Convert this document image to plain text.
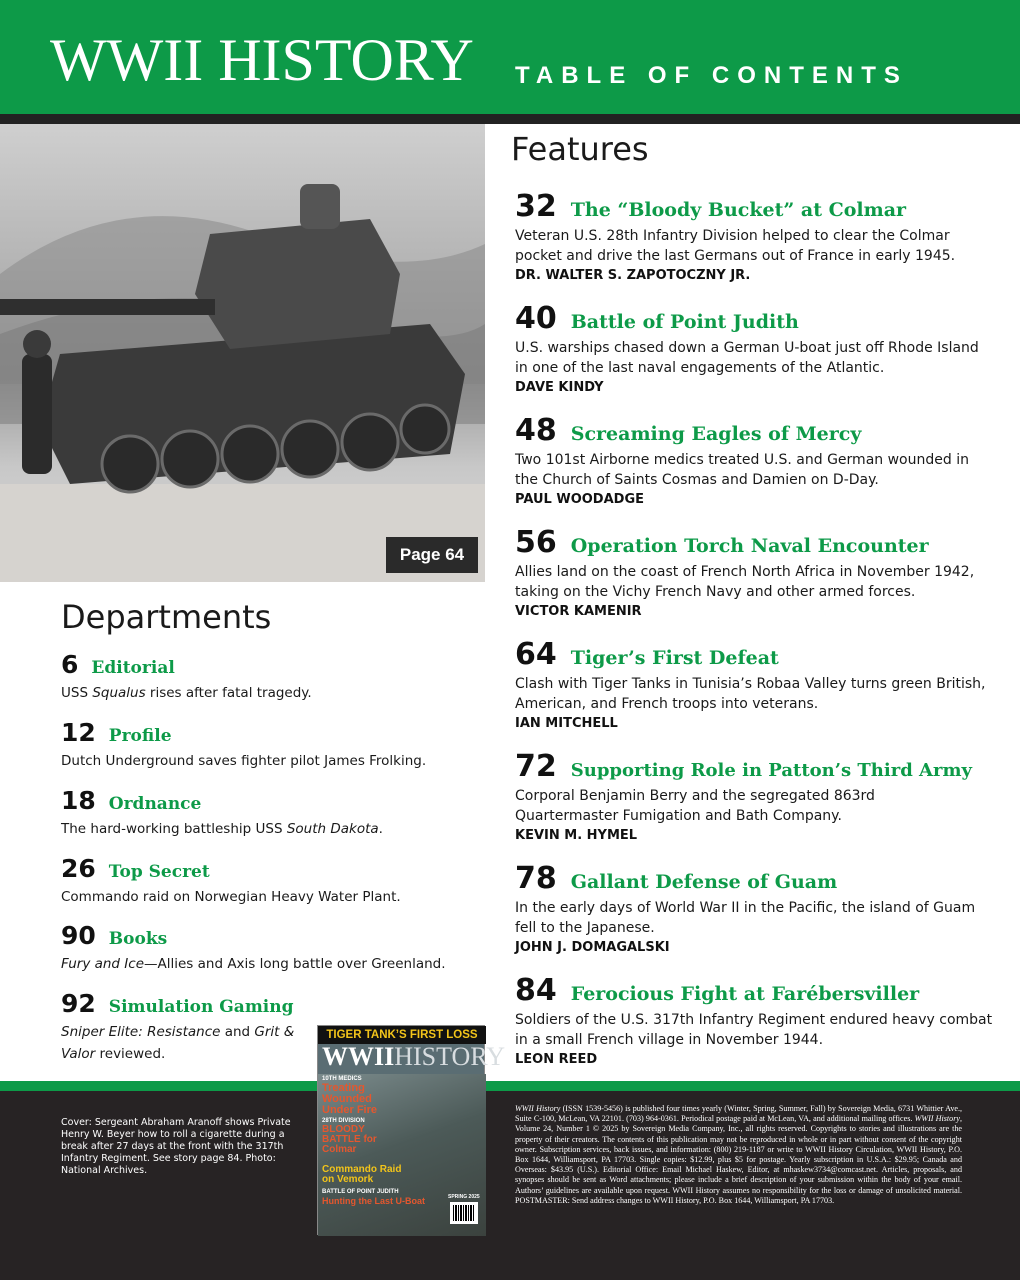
WWII HISTORY TABLE OF CONTENTS
Page 64
Features
32 The “Bloody Bucket” at Colmar
Veteran U.S. 28th Infantry Division helped to clear the Colmar pocket and drive the last Germans out of France in early 1945.
DR. WALTER S. ZAPOTOCZNY JR.
40 Battle of Point Judith
U.S. warships chased down a German U-boat just off Rhode Island in one of the last naval engagements of the Atlantic.
DAVE KINDY
48 Screaming Eagles of Mercy
Two 101st Airborne medics treated U.S. and German wounded in the Church of Saints Cosmas and Damien on D-Day.
PAUL WOODADGE
56 Operation Torch Naval Encounter
Allies land on the coast of French North Africa in November 1942, taking on the Vichy French Navy and other armed forces.
VICTOR KAMENIR
64 Tiger’s First Defeat
Clash with Tiger Tanks in Tunisia’s Robaa Valley turns green British, American, and French troops into veterans.
IAN MITCHELL
72 Supporting Role in Patton’s Third Army
Corporal Benjamin Berry and the segregated 863rd Quartermaster Fumigation and Bath Company.
KEVIN M. HYMEL
78 Gallant Defense of Guam
In the early days of World War II in the Pacific, the island of Guam fell to the Japanese.
JOHN J. DOMAGALSKI
84 Ferocious Fight at Farébersviller
Soldiers of the U.S. 317th Infantry Regiment endured heavy combat in a small French village in November 1944.
LEON REED
Departments
6 Editorial
USS Squalus rises after fatal tragedy.
12 Profile
Dutch Underground saves fighter pilot James Frolking.
18 Ordnance
The hard-working battleship USS South Dakota.
26 Top Secret
Commando raid on Norwegian Heavy Water Plant.
90 Books
Fury and Ice—Allies and Axis long battle over Greenland.
92 Simulation Gaming
Sniper Elite: Resistance and Grit & Valor reviewed.
Cover: Sergeant Abraham Aranoff shows Private Henry W. Beyer how to roll a cigarette during a break after 27 days at the front with the 317th Infantry Regiment. See story page 84. Photo: National Archives.
WWII History (ISSN 1539-5456) is published four times yearly (Winter, Spring, Summer, Fall) by Sovereign Media, 6731 Whittier Ave., Suite C-100, McLean, VA 22101. (703) 964-0361. Periodical postage paid at McLean, VA, and additional mailing offices. WWII History, Volume 24, Number 1 © 2025 by Sovereign Media Company, Inc., all rights reserved. Copyrights to stories and illustrations are the property of their creators. The contents of this publication may not be reproduced in whole or in part without consent of the copyright owner. Subscription services, back issues, and information: (800) 219-1187 or write to WWII History Circulation, WWII History, P.O. Box 1644, Williamsport, PA 17703. Single copies: $12.99, plus $5 for postage. Yearly subscription in U.S.A.: $29.95; Canada and Overseas: $43.95 (U.S.). Editorial Office: Email Michael Haskew, Editor, at mhaskew3734@comcast.net. Articles, proposals, and synopses should be sent as Word attachments; please include a brief description of your submission within the body of your email. Authors’ guidelines are available upon request. WWII History assumes no responsibility for the loss or damage of unsolicited material. POSTMASTER: Send address changes to WWII History, P.O. Box 1644, Williamsport, PA 17703.
TIGER TANK’S FIRST LOSS
WWIIHISTORY
10TH MEDICS
Treating Wounded Under Fire
28TH DIVISION
BLOODY BATTLE for Colmar
Commando Raid on Vemork
BATTLE OF POINT JUDITH
Hunting the Last U-Boat	SPRING 2025
